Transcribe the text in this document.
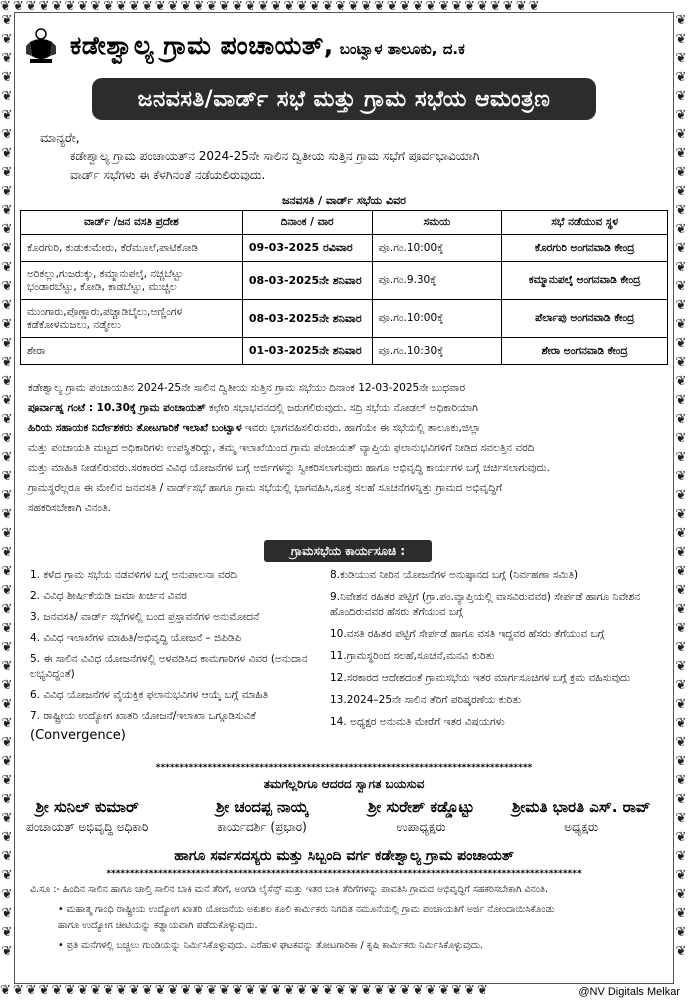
❦❦❦❦❦❦❦❦❦❦❦❦❦❦❦❦❦❦❦❦❦❦❦❦❦❦❦❦❦❦❦❦❦❦❦❦❦❦❦❦❦❦
❦❦❦❦❦❦❦❦❦❦❦❦❦❦❦❦❦❦❦❦❦❦❦❦❦❦❦❦❦❦❦❦❦❦❦❦❦❦
❦
❦
❦
❦
❦
❦
❦
❦
❦
❦
❦
❦
❦
❦
❦
❦
❦
❦
❦
❦
❦
❦
❦
❦
❦
❦
❦
❦
❦
❦
❦
❦
❦
❦
❦
❦
❦
❦
❦
❦
❦
❦
❦
❦
❦
❦
❦
❦
❦
❦
❦
❦
❦
❦
❦
❦
❦
❦
❦
❦
❦
❦
❦
❦
❦
❦
❦
❦
❦
❦
❦
❦
❦
❦
❦
❦
❦
❦
❦
❦
❦
❦
❦
❦
❦
❦
❦
❦
❦
❦
❦
❦
❦
❦
❦
❦
❦
❦
❦
❦
ಕಡೇಶ್ವಾಲ್ಯ ಗ್ರಾಮ ಪಂಚಾಯತ್, ಬಂಟ್ವಾಳ ತಾಲೂಕು, ದ.ಕ
ಜನವಸತಿ/ವಾರ್ಡ್ ಸಭೆ ಮತ್ತು ಗ್ರಾಮ ಸಭೆಯ ಆಮಂತ್ರಣ
ಮಾನ್ಯರೇ,

ಕಡೇಶ್ವಾಲ್ಯ ಗ್ರಾಮ ಪಂಚಾಯತ್‌ನ 2024-25ನೇ ಸಾಲಿನ ದ್ವಿತೀಯ ಸುತ್ತಿನ ಗ್ರಾಮ ಸಭೆಗೆ ಪೂರ್ವಭಾವಿಯಾಗಿ

ವಾರ್ಡ್ ಸಭೆಗಳು ಈ ಕೆಳಗಿನಂತೆ ನಡೆಯಲಿರುವುದು.

ಜನವಸತಿ / ವಾರ್ಡ್ ಸಭೆಯ ವಿವರ
ವಾರ್ಡ್ /ಜನ ವಸತಿ ಪ್ರದೇಶ	ದಿನಾಂಕ / ವಾರ	ಸಮಯ	ಸಭೆ ನಡೆಯುವ ಸ್ಥಳ
ಕೊರಗುರಿ, ಕುಡುಕುಮೇರು, ಕೆರೆಮೂಲೆ,ಪಾಟಿಕೋಡಿ	09-03-2025 ರವಿವಾರ	ಪೂ.ಗಂ.10:00ಕ್ಕೆ	ಕೊರಗುರಿ ಅಂಗನವಾಡಿ ಕೇಂದ್ರ
ಅರಿಕಲ್ಲು,ಗುಜರುಕ್ಕು, ಕಮ್ಮಾನುಪಲ್ಕೆ, ನಚ್ಚಬೆಟ್ಟು ಭಂಡಾರಬೆಟ್ಟು, ಕೋಡಿ, ಕಾಡಬೆಟ್ಟು, ಮುಚ್ಚಿಲ	08-03-2025ನೇ ಶನಿವಾರ	ಪೂ.ಗಂ.9.30ಕ್ಕೆ	ಕಮ್ಮಾನುಪಲ್ಕೆ ಅಂಗನವಾಡಿ ಕೇಂದ್ರ
ಮುಂಗಾರು,ಪೊಣ್ಣಾರು,ಪಚ್ಚಾಡಿಬೈಲು,ಅಣ್ಣಿಂಗಳ ಕಡೆಕೋಳಮಜಲು, ನಡ್ಮೇಲು	08-03-2025ನೇ ಶನಿವಾರ	ಪೂ.ಗಂ.10:00ಕ್ಕೆ	ಪೆರ್ಲಾಪು ಅಂಗನವಾಡಿ ಕೇಂದ್ರ
ಶೇರಾ	01-03-2025ನೇ ಶನಿವಾರ	ಪೂ.ಗಂ.10:30ಕ್ಕೆ	ಶೇರಾ ಅಂಗನವಾಡಿ ಕೇಂದ್ರ
ಕಡೇಶ್ವಾಲ್ಯ ಗ್ರಾಮ ಪಂಚಾಯತಿನ 2024-25ನೇ ಸಾಲಿನ ದ್ವಿತೀಯ ಸುತ್ತಿನ ಗ್ರಾಮ ಸಭೆಯು ದಿನಾಂಕ 12-03-2025ನೇ ಬುಧವಾರ
ಪೂರ್ವಾಹ್ನ ಗಂಟೆ : 10.30ಕ್ಕೆ ಗ್ರಾಮ ಪಂಚಾಯತ್ ಕಛೇರಿ ಸಭಾಭವನದಲ್ಲಿ ಜರುಗಲಿರುವುದು. ಸದ್ರಿ ಸಭೆಯ ನೋಡಲ್ ಅಧಿಕಾರಿಯಾಗಿ
ಹಿರಿಯ ಸಹಾಯಕ ನಿರ್ದೇಶಕರು ತೋಟಗಾರಿಕೆ ಇಲಾಖೆ ಬಂಟ್ವಾಳ ಇವರು ಭಾಗವಹಿಸಲಿರುವರು. ಹಾಗೆಯೇ ಈ ಸಭೆಯಲ್ಲಿ ತಾಲೂಕು,ಜಿಲ್ಲಾ
ಮತ್ತು ಪಂಚಾಯತಿ ಮಟ್ಟದ ಅಧಿಕಾರಿಗಳು ಉಪಸ್ಥಿತರಿದ್ದು, ತಮ್ಮ ಇಲಾಖೆಯಿಂದ ಗ್ರಾಮ ಪಂಚಾಯತ್ ವ್ಯಾಪ್ತಿಯ ಫಲಾನುಭವಿಗಳಿಗೆ ನೀಡಿದ ಸವಲತ್ತಿನ ವರದಿ
ಮತ್ತು ಮಾಹಿತಿ ನೀಡಲಿರುವರು.ಸರಕಾರದ ವಿವಿಧ ಯೋಜನೆಗಳ ಬಗ್ಗೆ ಅರ್ಜಿಗಳನ್ನು ಸ್ವೀಕರಿಸಲಾಗುವುದು ಹಾಗೂ ಅಭಿವೃದ್ಧಿ ಕಾರ್ಯಗಳ ಬಗ್ಗೆ ಚರ್ಚಿಸಲಾಗುವುದು.
ಗ್ರಾಮಸ್ಥರೆಲ್ಲರೂ ಈ ಮೇಲಿನ ಜನವಸತಿ / ವಾರ್ಡ್‌ಸಭೆ ಹಾಗೂ ಗ್ರಾಮ ಸಭೆಯಲ್ಲಿ ಭಾಗವಹಿಸಿ,ಸೂಕ್ತ ಸಲಹೆ ಸೂಚನೆಗಳನ್ನಿತ್ತು ಗ್ರಾಮದ ಅಭಿವೃದ್ಧಿಗೆ
ಸಹಕರಿಸಬೇಕಾಗಿ ವಿನಂತಿ.
ಗ್ರಾಮಸಭೆಯ ಕಾರ್ಯಸೂಚಿ :
1. ಕಳೆದ ಗ್ರಾಮ ಸಭೆಯ ನಡವಳಿಗಳ ಬಗ್ಗೆ ಅನುಪಾಲನಾ ವರದಿ
2. ವಿವಿಧ ಶೀರ್ಷಿಕೆಯಡಿ ಜಮಾ ಖರ್ಚಿನ ವಿವರ
3. ಜನವಸತಿ/ ವಾರ್ಡ್ ಸಭೆಗಳಲ್ಲಿ ಬಂದ ಪ್ರಸ್ತಾವನೆಗಳ ಅನುಮೋದನೆ
4. ವಿವಿಧ ಇಲಾಖೆಗಳ ಮಾಹಿತಿ/ಅಭಿವೃದ್ಧಿ ಯೋಜನೆ – ಜಿಪಿಡಿಪಿ
5. ಈ ಸಾಲಿನ ವಿವಿಧ ಯೋಜನೆಗಳಲ್ಲಿ ಅಳವಡಿಸಿದ ಕಾಮಗಾರಿಗಳ ವಿವರ (ಅನುದಾನ ಲಭ್ಯವಿದ್ದಂತೆ)
6. ವಿವಿಧ ಯೋಜನೆಗಳ ವೈಯಕ್ತಿಕ ಫಲಾನುಭವಿಗಳ ಆಯ್ಕೆ ಬಗ್ಗೆ ಮಾಹಿತಿ
7. ರಾಷ್ಟ್ರೀಯ ಉದ್ಯೋಗ ಖಾತರಿ ಯೋಜನೆ/ಇಲಾಖಾ ಒಗ್ಗೂಡಿಸುವಿಕೆ
(Convergence)
8.ಕುಡಿಯುವ ನೀರಿನ ಯೋಜನೆಗಳ ಅನುಷ್ಠಾನದ ಬಗ್ಗೆ (ನಿರ್ವಹಣಾ ಸಮಿತಿ)
9.ನಿವೇಶನ ರಹಿತರ ಪಟ್ಟಿಗೆ (ಗ್ರಾ.ಪಂ.ವ್ಯಾಪ್ತಿಯಲ್ಲಿ ವಾಸವಿರುವವರ) ಸೇರ್ಪಡೆ ಹಾಗೂ ನಿವೇಶನ ಹೊಂದಿರುವವರ ಹೆಸರು ತೆಗೆಯುವ ಬಗ್ಗೆ
10.ವಸತಿ ರಹಿತರ ಪಟ್ಟಿಗೆ ಸೇರ್ಪಡೆ ಹಾಗೂ ವಸತಿ ಇದ್ದವರ ಹೆಸರು ತೆಗೆಯುವ ಬಗ್ಗೆ
11.ಗ್ರಾಮಸ್ಥರಿಂದ ಸಲಹೆ,ಸೂಚನೆ,ಮನವಿ ಕುರಿತು
12.ಸರಕಾರದ ಆದೇಶದಂತೆ ಗ್ರಾಮಸಭೆಯ ಇತರ ಮಾರ್ಗಸೂಚಿಗಳ ಬಗ್ಗೆ ಕ್ರಮ ವಹಿಸುವುದು
13.2024–25ನೇ ಸಾಲಿನ ತೆರಿಗೆ ಪರಿಷ್ಕರಣೆಯ ಕುರಿತು
14. ಅಧ್ಯಕ್ಷರ ಅನುಮತಿ ಮೇರೆಗೆ ಇತರ ವಿಷಯಗಳು
********************************************************************************
ತಮಗೆಲ್ಲರಿಗೂ ಆದರದ ಸ್ವಾಗತ ಬಯಸುವ
ಶ್ರೀ ಸುನಿಲ್ ಕುಮಾರ್
ಪಂಚಾಯತ್ ಅಭಿವೃದ್ಧಿ ಅಧಿಕಾರಿ
ಶ್ರೀ ಚಂದಪ್ಪ ನಾಯ್ಕ
ಕಾರ್ಯದರ್ಶಿ (ಪ್ರಭಾರ)
ಶ್ರೀ ಸುರೇಶ್ ಕಡ್ಡೊಟ್ಟು
ಉಪಾಧ್ಯಕ್ಷರು
ಶ್ರೀಮತಿ ಭಾರತಿ ಎಸ್. ರಾವ್
ಅಧ್ಯಕ್ಷರು
ಹಾಗೂ ಸರ್ವಸದಸ್ಯರು ಮತ್ತು ಸಿಬ್ಬಂದಿ ವರ್ಗ ಕಡೇಶ್ವಾಲ್ಯ ಗ್ರಾಮ ಪಂಚಾಯತ್
*****************************************************************************************************
ವಿ.ಸೂ :- ಹಿಂದಿನ ಸಾಲಿನ ಹಾಗೂ ಚಾಲ್ತಿ ಸಾಲಿನ ಬಾಕಿ ಮನೆ ತೆರಿಗೆ, ಅಂಗಡಿ ಲೈಸೆನ್ಸ್ ಮತ್ತು ಇತರ ಬಾಕಿ ತೆರಿಗೆಗಳನ್ನು ಪಾವತಿಸಿ ಗ್ರಾಮದ ಅಭಿವೃದ್ಧಿಗೆ ಸಹಕರಿಸಬೇಕಾಗಿ ವಿನಂತಿ.
• ಮಹಾತ್ಮ ಗಾಂಧಿ ರಾಷ್ಟ್ರೀಯ ಉದ್ಯೋಗ ಖಾತರಿ ಯೋಜನೆಯ ಅಕುಶಲ ಕೂಲಿ ಕಾರ್ಮಿಕರು ನಿಗದಿತ ನಮೂನೆಯಲ್ಲಿ ಗ್ರಾಮ ಪಂಚಾಯತಿಗೆ ಅರ್ಜಿ ನೋಂದಾಯಿಸಿಕೊಂಡು
ಹಾಗೂ ಉದ್ಯೋಗ ಚೀಟಿಯನ್ನು ಕಡ್ಡಾಯವಾಗಿ ಪಡೆದುಕೊಳ್ಳುವುದು.
• ಪ್ರತಿ ಮನೆಗಳಲ್ಲಿ ಬಚ್ಚಲು ಗುಂಡಿಯನ್ನು ನಿರ್ಮಿಸಿಕೊಳ್ಳುವುದು. ಎರೆಹುಳ ಘಟಕವನ್ನು ತೋಟಗಾರಿಕಾ / ಕೃಷಿ ಕಾರ್ಮಿಕರು ನಿರ್ಮಿಸಿಕೊಳ್ಳುವುದು.
@NV Digitals Melkar
